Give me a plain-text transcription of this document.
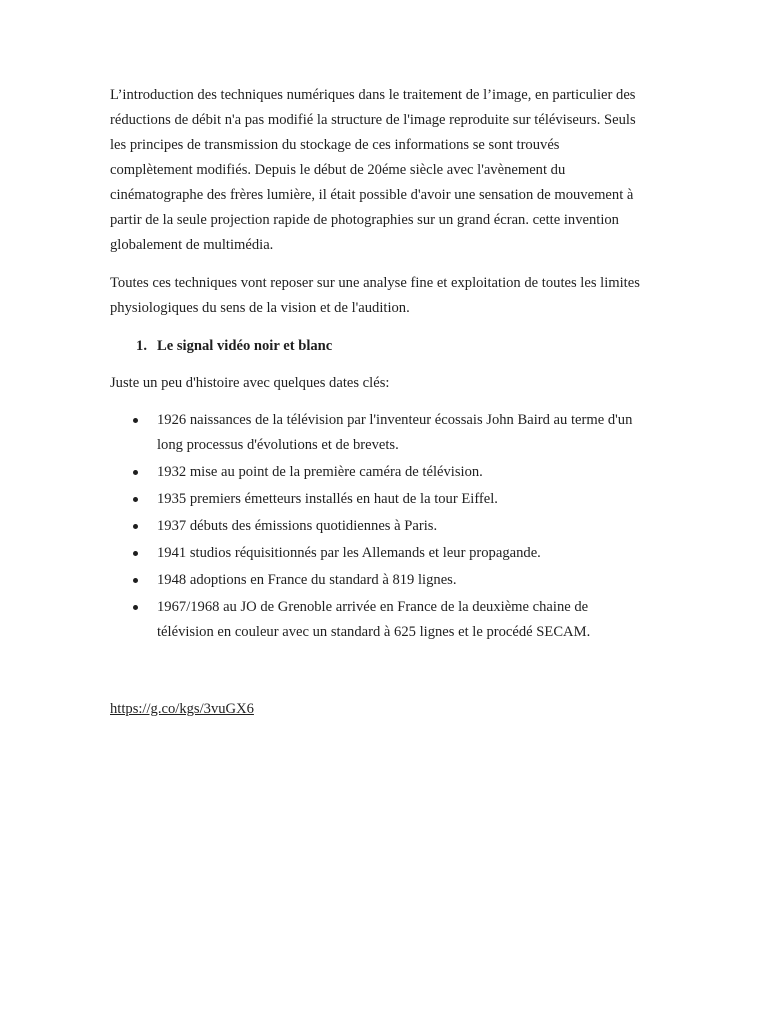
L’introduction des techniques numériques dans le traitement de l’image, en particulier des
réductions de débit n'a pas modifié la structure de l'image reproduite sur téléviseurs. Seuls
les principes de transmission du stockage de ces informations se sont trouvés
complètement modifiés. Depuis le début de 20éme siècle avec l'avènement du
cinématographe des frères lumière, il était possible d'avoir une sensation de mouvement à
partir de la seule projection rapide de photographies sur un grand écran. cette invention
globalement de multimédia.

Toutes ces techniques vont reposer sur une analyse fine et exploitation de toutes les limites
physiologiques du sens de la vision et de l'audition.

1. Le signal vidéo noir et blanc

Juste un peu d'histoire avec quelques dates clés:

1926 naissances de la télévision par l'inventeur écossais John Baird au terme d'un
long processus d'évolutions et de brevets.
1932 mise au point de la première caméra de télévision.
1935 premiers émetteurs installés en haut de la tour Eiffel.
1937 débuts des émissions quotidiennes à Paris.
1941 studios réquisitionnés par les Allemands et leur propagande.
1948 adoptions en France du standard à 819 lignes.
1967/1968 au JO de Grenoble arrivée en France de la deuxième chaine de
télévision en couleur avec un standard à 625 lignes et le procédé SECAM.
https://g.co/kgs/3vuGX6
